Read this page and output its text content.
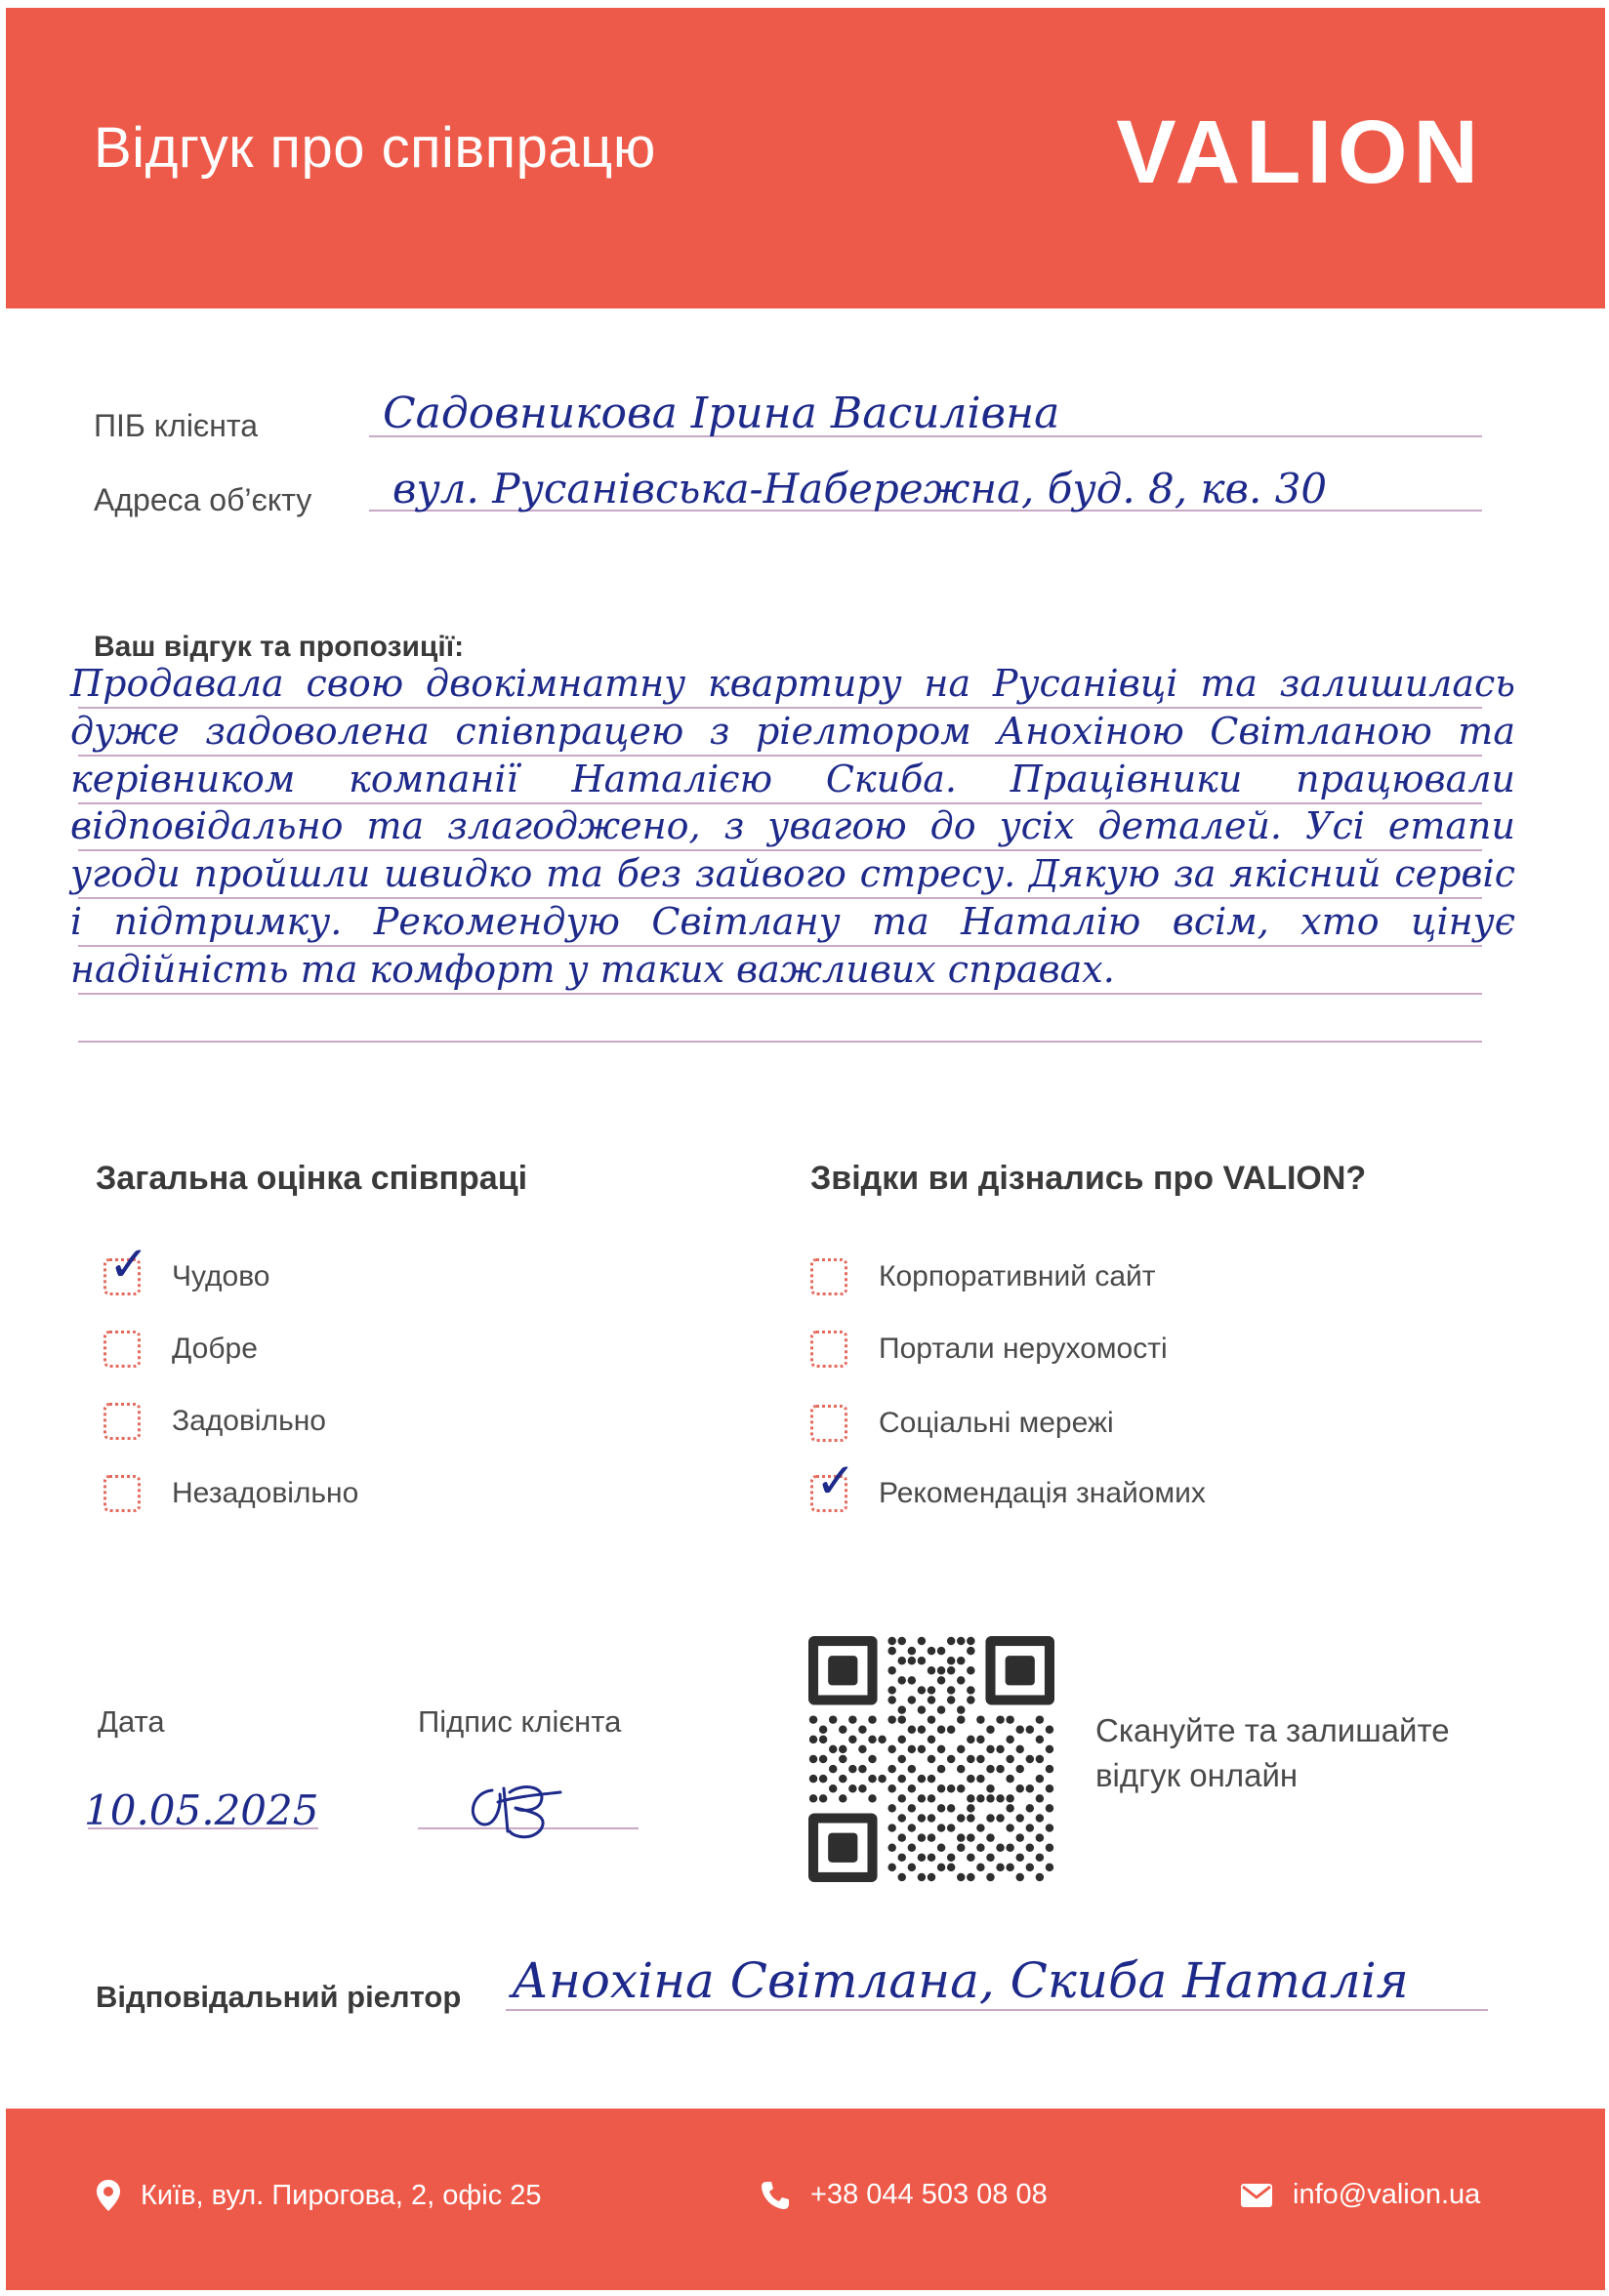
Відгук про співпрацю	VALION
ПІБ клієнта	Садовникова Ірина Василівна
Адреса об’єкту вул. Русанівська-Набережна, буд. 8, кв. 30
Ваш відгук та пропозиції:

Продавала свою двокімнатну квартиру на Русанівці та залишилась дуже задоволена співпрацею з ріелтором Анохіною Світланою та керівником компанії Наталією Скиба. Працівники працювали відповідально та злагоджено, з увагою до усіх деталей. Усі етапи угоди пройшли швидко та без зайвого стресу. Дякую за якісний сервіс і підтримку. Рекомендую Світлану та Наталію всім, хто цінує надійність та комфорт у таких важливих справах.

Загальна оцінка співпраці
✓ Чудово
Добре
Задовільно
Незадовільно
Звідки ви дізнались про VALION?
Корпоративний сайт
Портали нерухомості
Соціальні мережі
✓ Рекомендація знайомих
Дата
10.05.2025
Підпис клієнта	Скануйте та залишайте
відгук онлайн
Відповідальний ріелтор Анохіна Світлана, Скиба Наталія
Київ, вул. Пирогова, 2, офіс 25	+38 044 503 08 08	info@valion.ua
